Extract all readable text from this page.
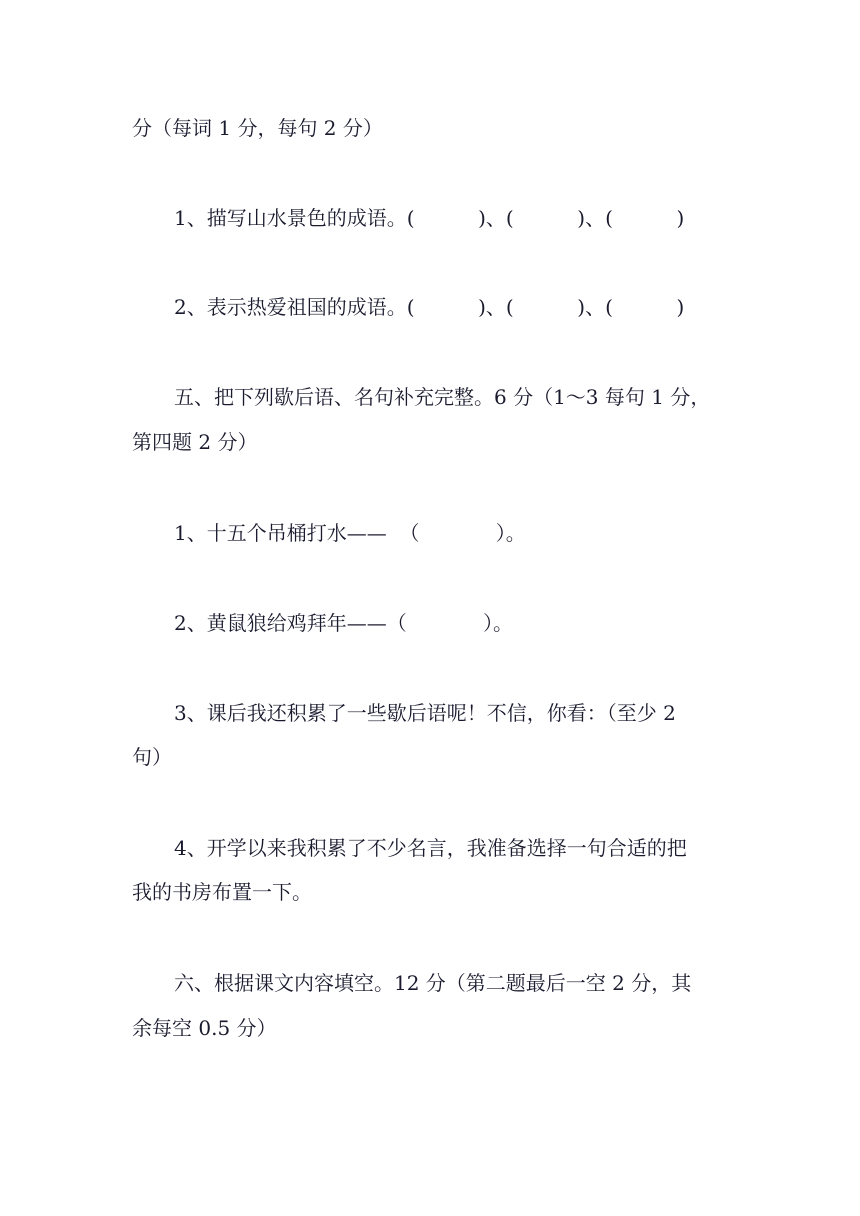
分（每词 1 分，每句 2 分）
1、描写山水景色的成语。(          )、(          )、(          )
2、表示热爱祖国的成语。(          )、(          )、(          )
五、把下列歇后语、名句补充完整。6 分（1～3 每句 1 分，
第四题 2 分）
1、十五个吊桶打水——  （            ）。
2、黄鼠狼给鸡拜年——（            ）。
3、课后我还积累了一些歇后语呢！不信，你看：（至少 2
句）
4、开学以来我积累了不少名言，我准备选择一句合适的把
我的书房布置一下。
六、根据课文内容填空。12 分（第二题最后一空 2 分，其
余每空 0.5 分）
